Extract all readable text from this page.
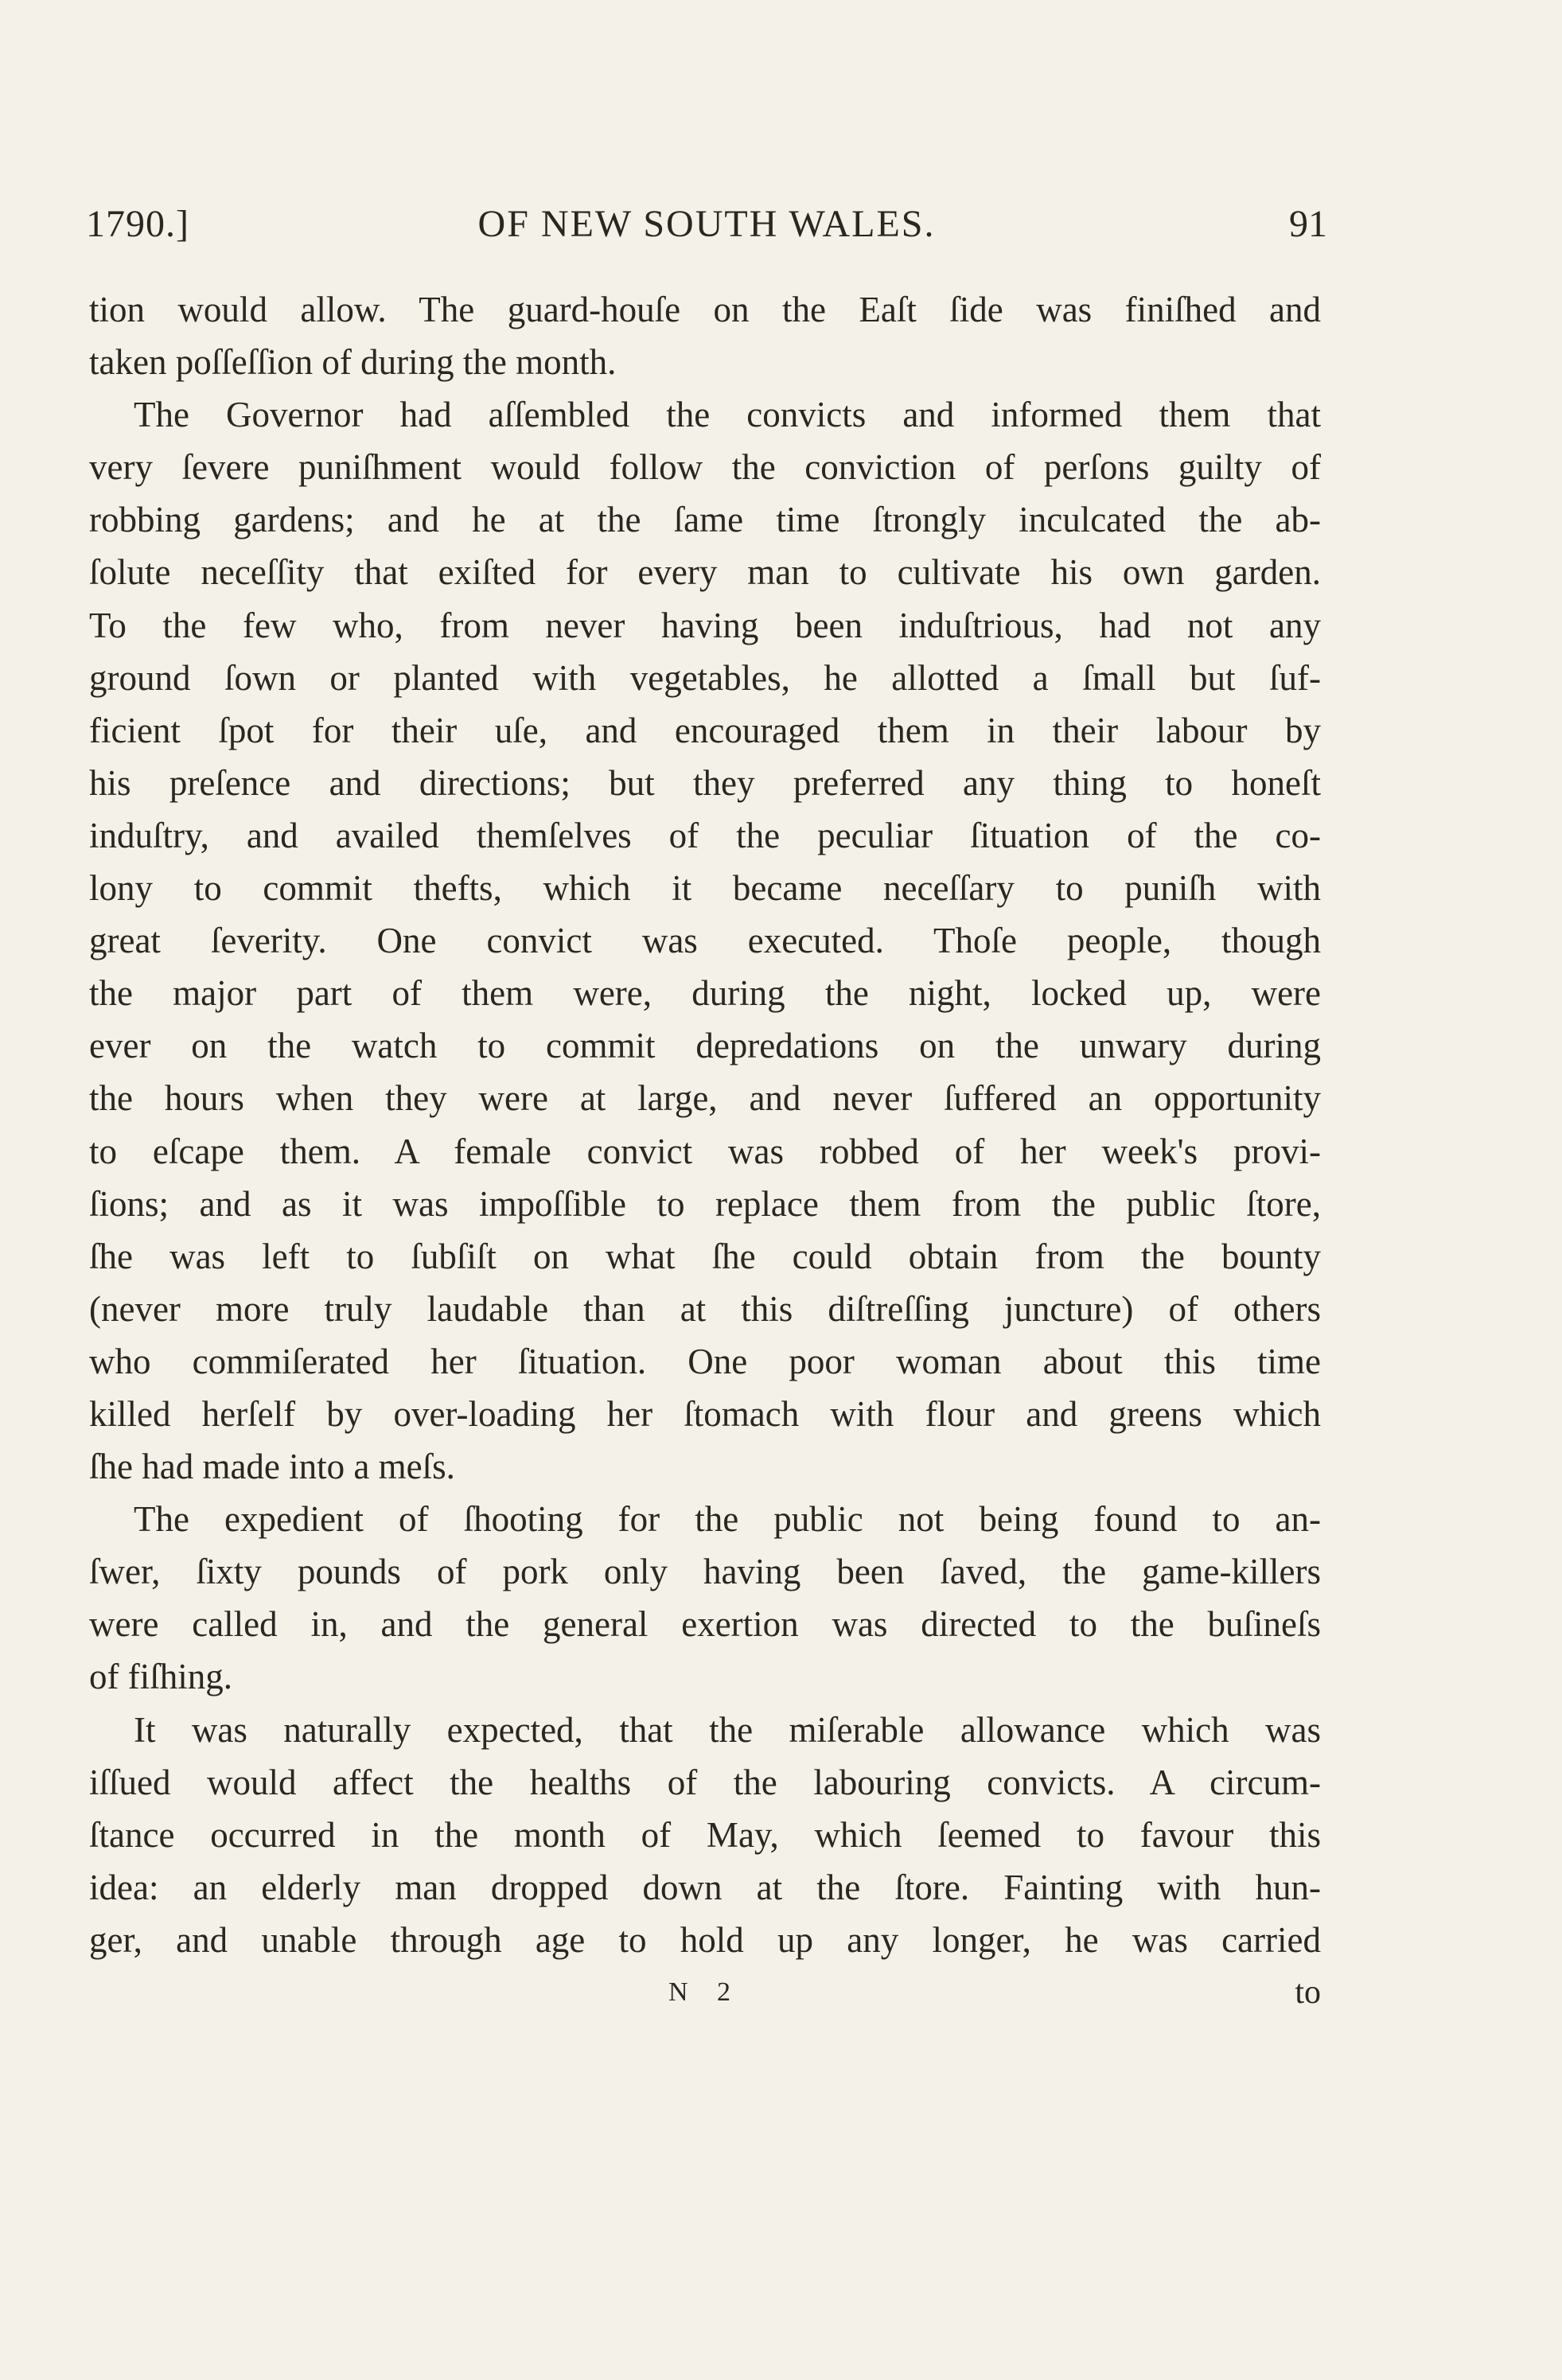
1790.]	OF NEW SOUTH WALES.	91
tion would allow. The guard-houſe on the Eaſt ſide was finiſhed and
taken poſſeſſion of during the month.
The Governor had aſſembled the convicts and informed them that
very ſevere puniſhment would follow the conviction of perſons guilty of
robbing gardens; and he at the ſame time ſtrongly inculcated the ab-
ſolute neceſſity that exiſted for every man to cultivate his own garden.
To the few who, from never having been induſtrious, had not any
ground ſown or planted with vegetables, he allotted a ſmall but ſuf-
ficient ſpot for their uſe, and encouraged them in their labour by
his preſence and directions; but they preferred any thing to honeſt
induſtry, and availed themſelves of the peculiar ſituation of the co-
lony to commit thefts, which it became neceſſary to puniſh with
great ſeverity. One convict was executed. Thoſe people, though
the major part of them were, during the night, locked up, were
ever on the watch to commit depredations on the unwary during
the hours when they were at large, and never ſuffered an opportunity
to eſcape them. A female convict was robbed of her week's provi-
ſions; and as it was impoſſible to replace them from the public ſtore,
ſhe was left to ſubſiſt on what ſhe could obtain from the bounty
(never more truly laudable than at this diſtreſſing juncture) of others
who commiſerated her ſituation. One poor woman about this time
killed herſelf by over-loading her ſtomach with flour and greens which
ſhe had made into a meſs.
The expedient of ſhooting for the public not being found to an-
ſwer, ſixty pounds of pork only having been ſaved, the game-killers
were called in, and the general exertion was directed to the buſineſs
of fiſhing.
It was naturally expected, that the miſerable allowance which was
iſſued would affect the healths of the labouring convicts. A circum-
ſtance occurred in the month of May, which ſeemed to favour this
idea: an elderly man dropped down at the ſtore. Fainting with hun-
ger, and unable through age to hold up any longer, he was carried
N 2	to
